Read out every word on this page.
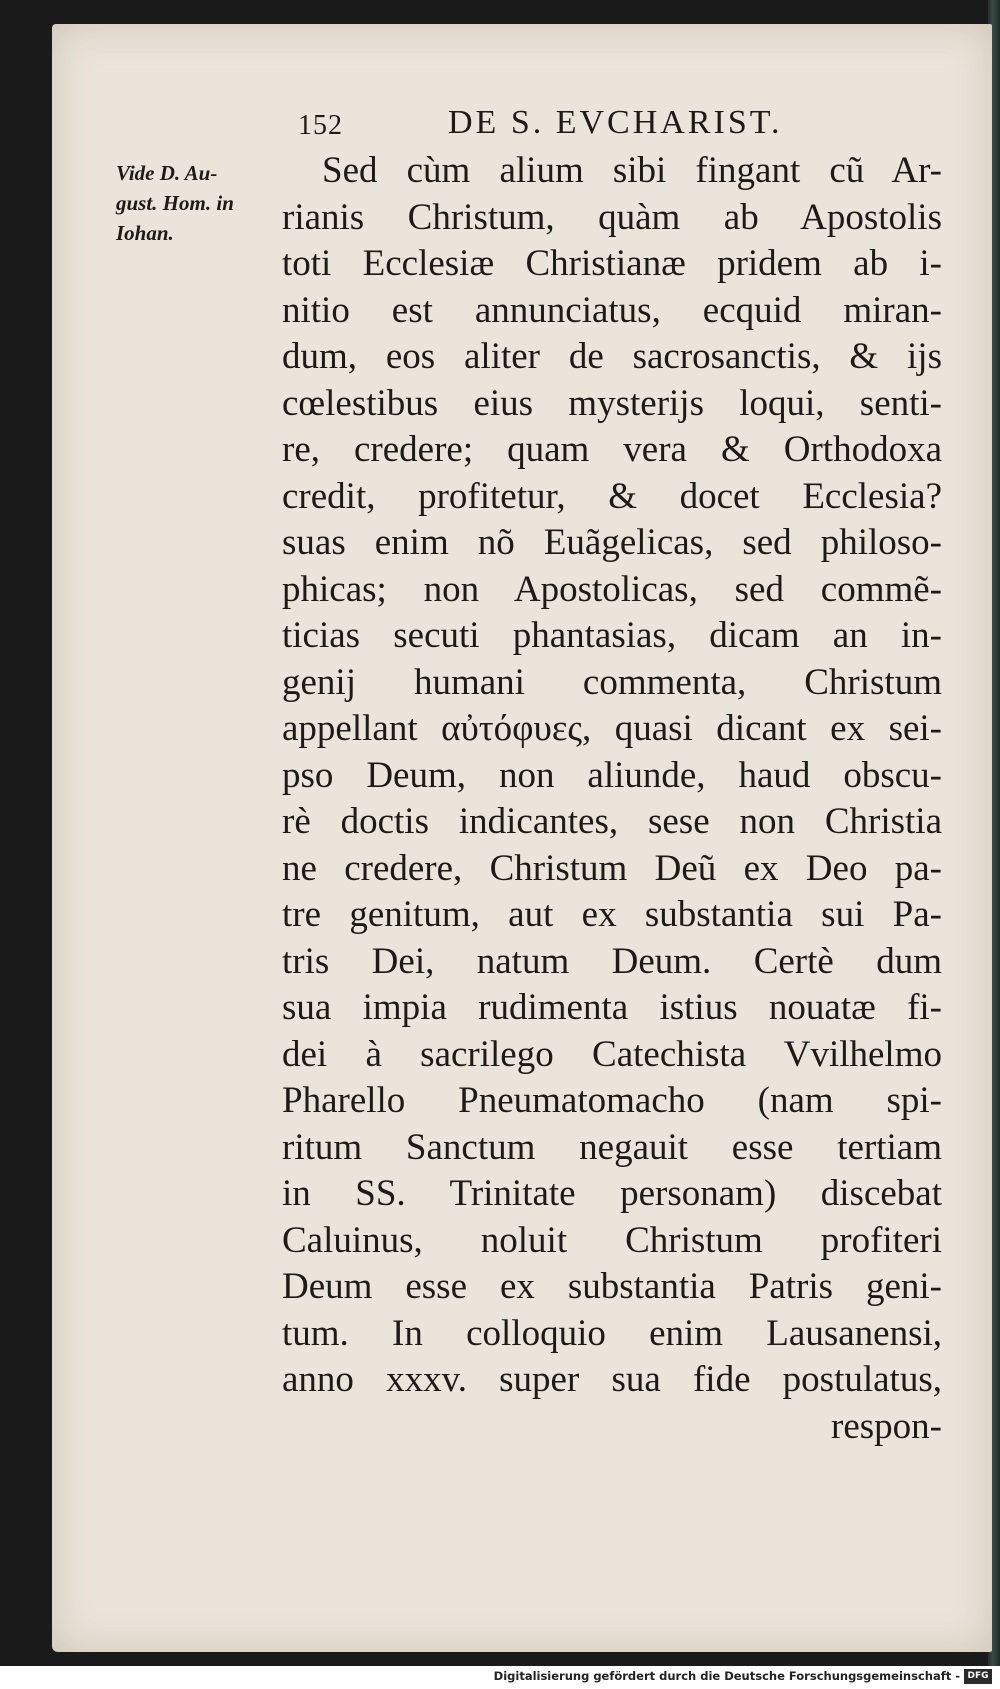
152	DE S. EVCHARIST.
Vide D. Au-
gust. Hom. in
Iohan.
Sed cùm alium sibi fingant cũ Ar-
rianis Christum, quàm ab Apostolis
toti Ecclesiæ Christianæ pridem ab i-
nitio est annunciatus, ecquid miran-
dum, eos aliter de sacrosanctis, & ijs
cœlestibus eius mysterijs loqui, senti-
re, credere; quam vera & Orthodoxa
credit, profitetur, & docet Ecclesia?
suas enim nõ Euãgelicas, sed philoso-
phicas; non Apostolicas, sed commẽ-
ticias secuti phantasias, dicam an in-
genij humani commenta, Christum
appellant αὐτόφυες, quasi dicant ex sei-
pso Deum, non aliunde, haud obscu-
rè doctis indicantes, sese non Christia
ne credere, Christum Deũ ex Deo pa-
tre genitum, aut ex substantia sui Pa-
tris Dei, natum Deum. Certè dum
sua impia rudimenta istius nouatæ fi-
dei à sacrilego Catechista Vvilhelmo
Pharello Pneumatomacho (nam spi-
ritum Sanctum negauit esse tertiam
in SS. Trinitate personam) discebat
Caluinus, noluit Christum profiteri
Deum esse ex substantia Patris geni-
tum. In colloquio enim Lausanensi,
anno xxxv. super sua fide postulatus,
respon-
Digitalisierung gefördert durch die Deutsche Forschungsgemeinschaft - DFG
